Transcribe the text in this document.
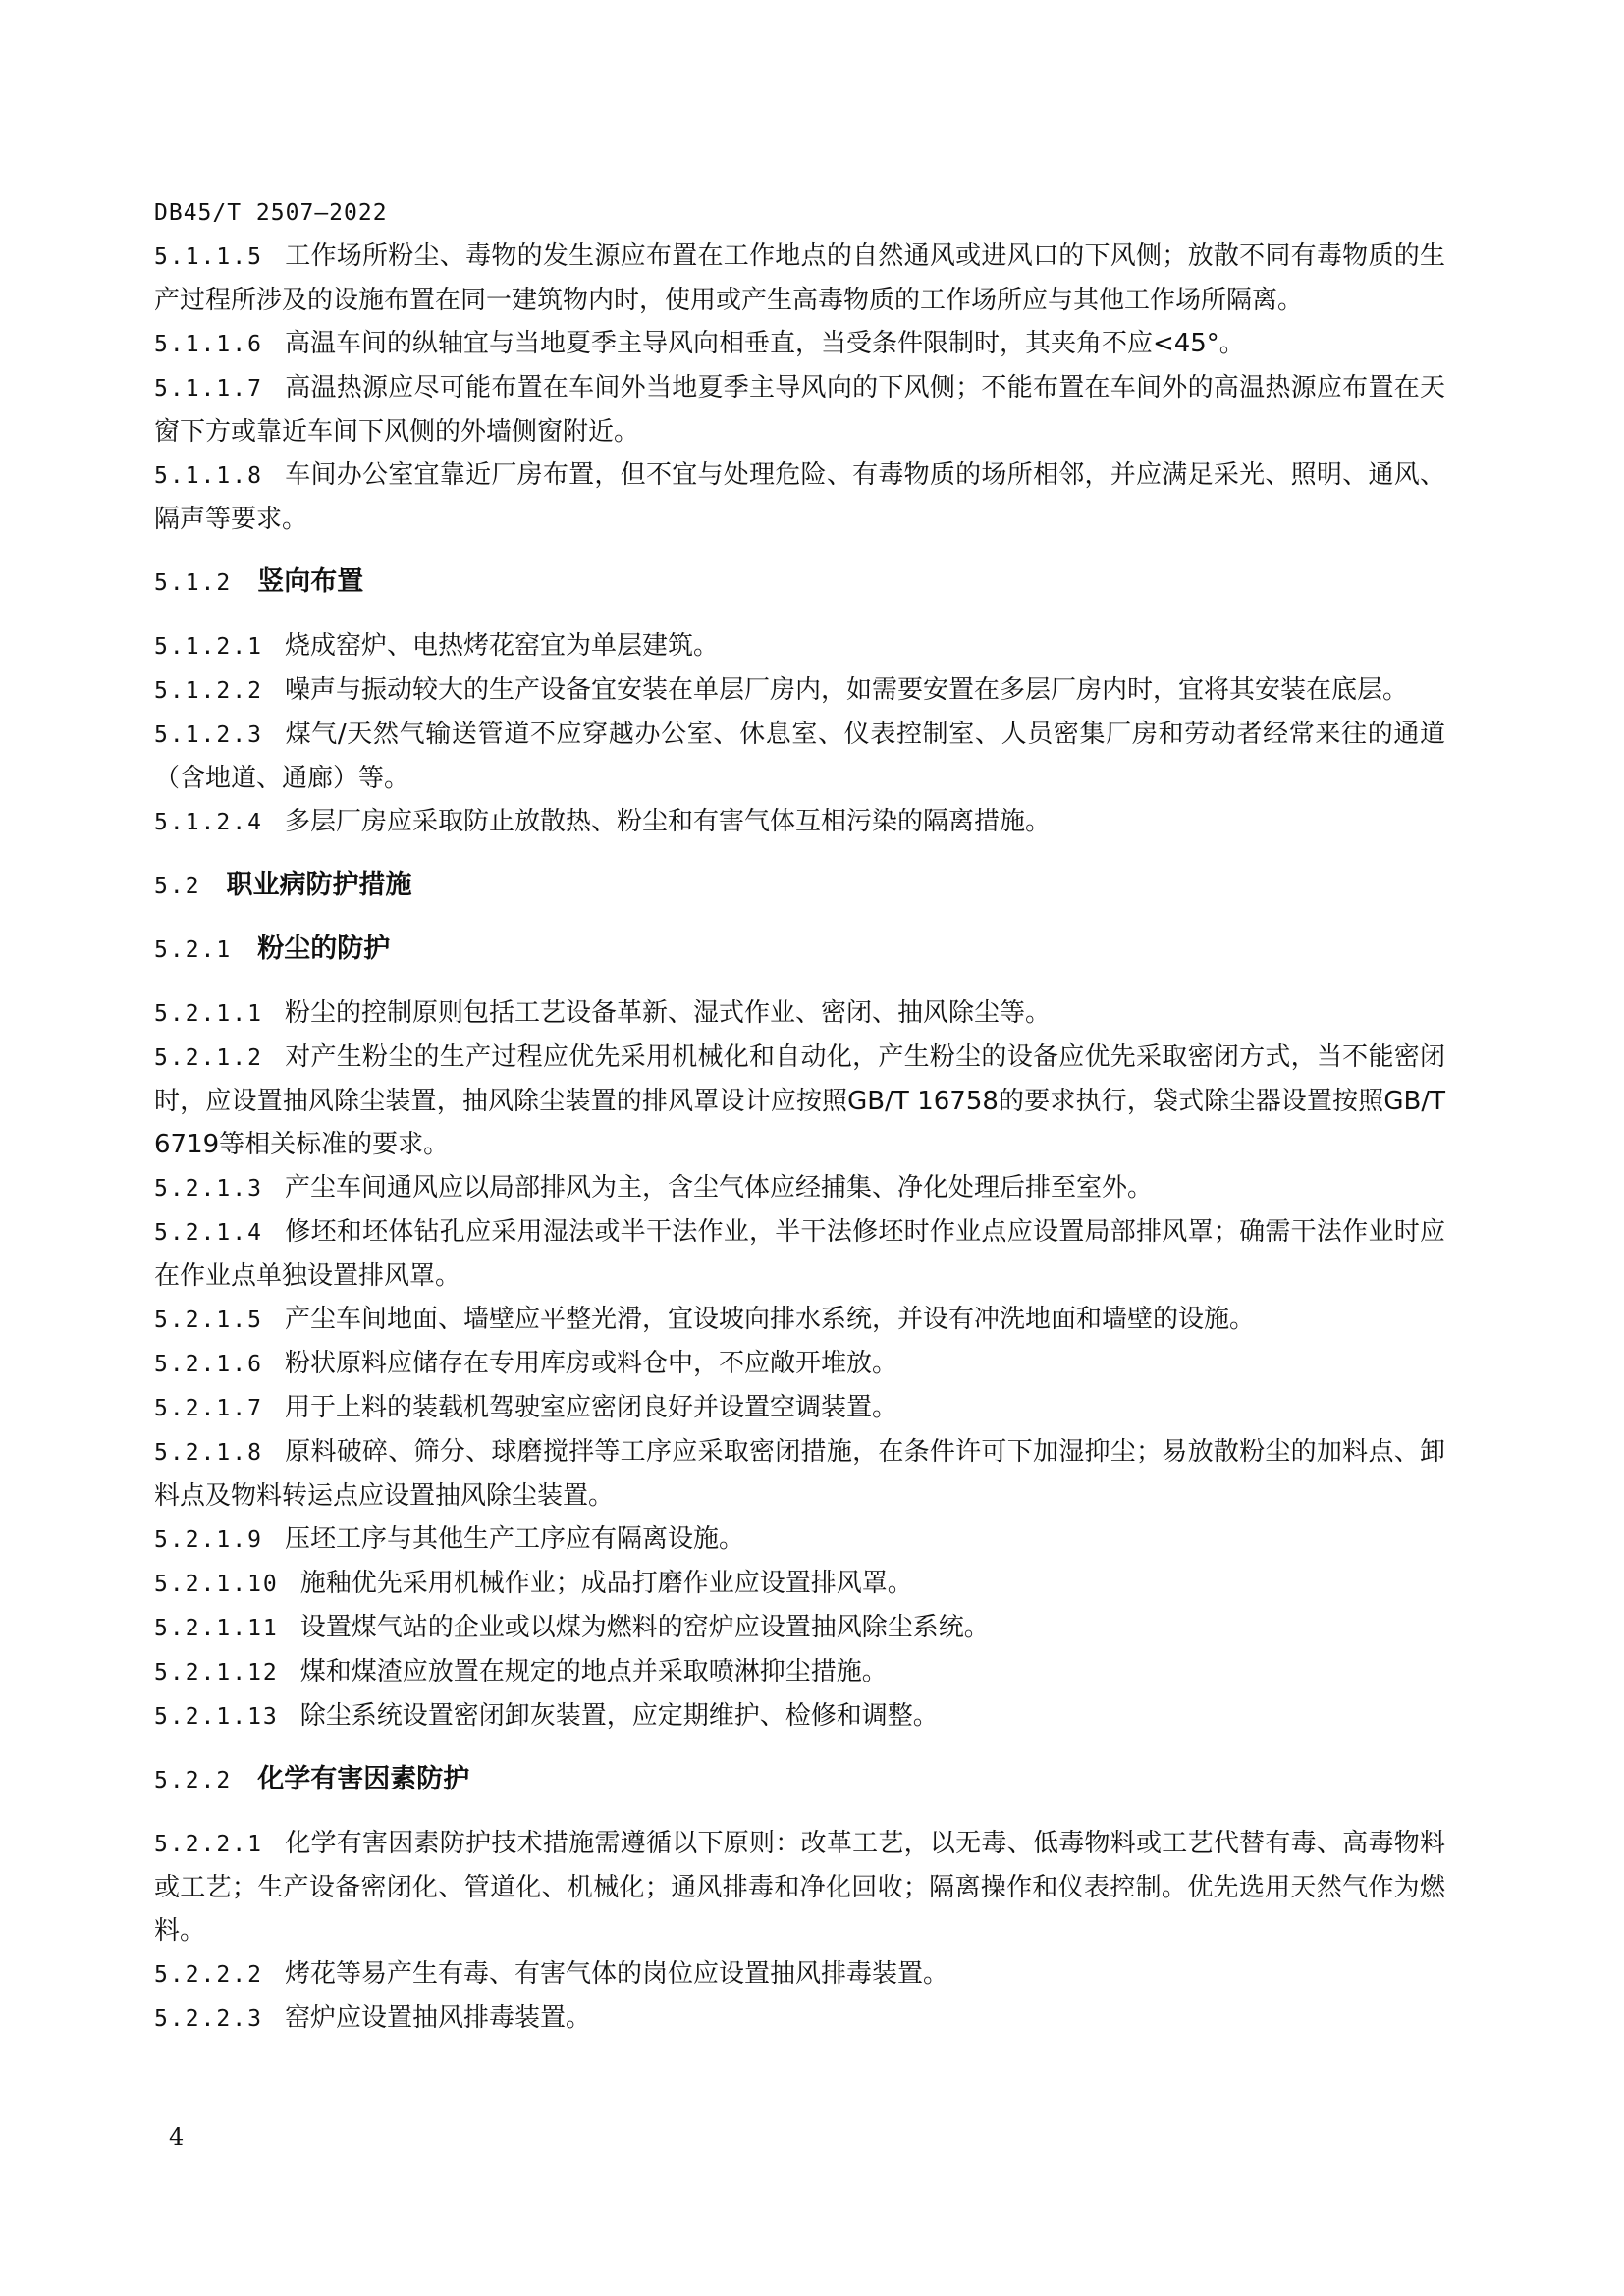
DB45/T 2507—2022
5.1.1.5 工作场所粉尘、毒物的发生源应布置在工作地点的自然通风或进风口的下风侧；放散不同有毒物质的生产过程所涉及的设施布置在同一建筑物内时，使用或产生高毒物质的工作场所应与其他工作场所隔离。
5.1.1.6 高温车间的纵轴宜与当地夏季主导风向相垂直，当受条件限制时，其夹角不应<45°。
5.1.1.7 高温热源应尽可能布置在车间外当地夏季主导风向的下风侧；不能布置在车间外的高温热源应布置在天窗下方或靠近车间下风侧的外墙侧窗附近。
5.1.1.8 车间办公室宜靠近厂房布置，但不宜与处理危险、有毒物质的场所相邻，并应满足采光、照明、通风、隔声等要求。
5.1.2 竖向布置
5.1.2.1 烧成窑炉、电热烤花窑宜为单层建筑。
5.1.2.2 噪声与振动较大的生产设备宜安装在单层厂房内，如需要安置在多层厂房内时，宜将其安装在底层。
5.1.2.3 煤气/天然气输送管道不应穿越办公室、休息室、仪表控制室、人员密集厂房和劳动者经常来往的通道（含地道、通廊）等。
5.1.2.4 多层厂房应采取防止放散热、粉尘和有害气体互相污染的隔离措施。
5.2 职业病防护措施
5.2.1 粉尘的防护
5.2.1.1 粉尘的控制原则包括工艺设备革新、湿式作业、密闭、抽风除尘等。
5.2.1.2 对产生粉尘的生产过程应优先采用机械化和自动化，产生粉尘的设备应优先采取密闭方式，当不能密闭时，应设置抽风除尘装置，抽风除尘装置的排风罩设计应按照GB/T 16758的要求执行，袋式除尘器设置按照GB/T 6719等相关标准的要求。
5.2.1.3 产尘车间通风应以局部排风为主，含尘气体应经捕集、净化处理后排至室外。
5.2.1.4 修坯和坯体钻孔应采用湿法或半干法作业，半干法修坯时作业点应设置局部排风罩；确需干法作业时应在作业点单独设置排风罩。
5.2.1.5 产尘车间地面、墙壁应平整光滑，宜设坡向排水系统，并设有冲洗地面和墙壁的设施。
5.2.1.6 粉状原料应储存在专用库房或料仓中，不应敞开堆放。
5.2.1.7 用于上料的装载机驾驶室应密闭良好并设置空调装置。
5.2.1.8 原料破碎、筛分、球磨搅拌等工序应采取密闭措施，在条件许可下加湿抑尘；易放散粉尘的加料点、卸料点及物料转运点应设置抽风除尘装置。
5.2.1.9 压坯工序与其他生产工序应有隔离设施。
5.2.1.10 施釉优先采用机械作业；成品打磨作业应设置排风罩。
5.2.1.11 设置煤气站的企业或以煤为燃料的窑炉应设置抽风除尘系统。
5.2.1.12 煤和煤渣应放置在规定的地点并采取喷淋抑尘措施。
5.2.1.13 除尘系统设置密闭卸灰装置，应定期维护、检修和调整。
5.2.2 化学有害因素防护
5.2.2.1 化学有害因素防护技术措施需遵循以下原则：改革工艺，以无毒、低毒物料或工艺代替有毒、高毒物料或工艺；生产设备密闭化、管道化、机械化；通风排毒和净化回收；隔离操作和仪表控制。优先选用天然气作为燃料。
5.2.2.2 烤花等易产生有毒、有害气体的岗位应设置抽风排毒装置。
5.2.2.3 窑炉应设置抽风排毒装置。
4
